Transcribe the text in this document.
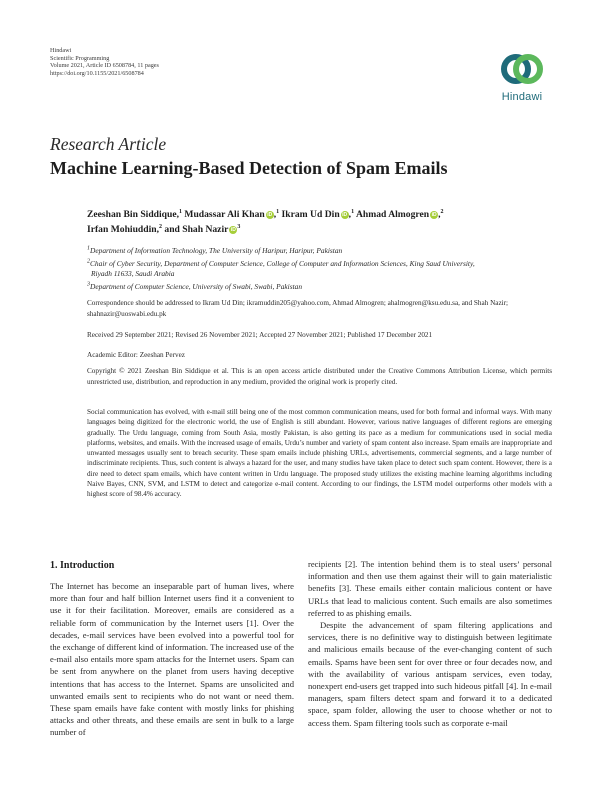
Hindawi
Scientific Programming
Volume 2021, Article ID 6508784, 11 pages
https://doi.org/10.1155/2021/6508784
Hindawi
Research Article
Machine Learning-Based Detection of Spam Emails
Zeeshan Bin Siddique,$^1$ Mudassar Ali Khan iD ,$^1$ Ikram Ud Din iD ,$^1$ Ahmad Almogren iD ,$^2$
Irfan Mohiuddin,$^2$ and Shah Nazir iD $^3$
$^1$Department of Information Technology, The University of Haripur, Haripur, Pakistan
$^2$Chair of Cyber Security, Department of Computer Science, College of Computer and Information Sciences, King Saud University,
Riyadh 11633, Saudi Arabia
$^3$Department of Computer Science, University of Swabi, Swabi, Pakistan
Correspondence should be addressed to Ikram Ud Din; ikramuddin205@yahoo.com, Ahmad Almogren; ahalmogren@ksu.edu.sa, and Shah Nazir; shahnazir@uoswabi.edu.pk
Received 29 September 2021; Revised 26 November 2021; Accepted 27 November 2021; Published 17 December 2021
Academic Editor: Zeeshan Pervez
Copyright © 2021 Zeeshan Bin Siddique et al. This is an open access article distributed under the Creative Commons Attribution License, which permits unrestricted use, distribution, and reproduction in any medium, provided the original work is properly cited.
Social communication has evolved, with e-mail still being one of the most common communication means, used for both formal and informal ways. With many languages being digitized for the electronic world, the use of English is still abundant. However, various native languages of different regions are emerging gradually. The Urdu language, coming from South Asia, mostly Pakistan, is also getting its pace as a medium for communications used in social media platforms, websites, and emails. With the increased usage of emails, Urdu’s number and variety of spam content also increase. Spam emails are inappropriate and unwanted messages usually sent to breach security. These spam emails include phishing URLs, advertisements, commercial segments, and a large number of indiscriminate recipients. Thus, such content is always a hazard for the user, and many studies have taken place to detect such spam content. However, there is a dire need to detect spam emails, which have content written in Urdu language. The proposed study utilizes the existing machine learning algorithms including Naive Bayes, CNN, SVM, and LSTM to detect and categorize e-mail content. According to our findings, the LSTM model outperforms other models with a highest score of 98.4% accuracy.
1. Introduction

The Internet has become an inseparable part of human lives, where more than four and half billion Internet users find it a convenient to use it for their facilitation. Moreover, emails are considered as a reliable form of communication by the Internet users [1]. Over the decades, e-mail services have been evolved into a powerful tool for the exchange of different kind of information. The increased use of the e-mail also entails more spam attacks for the Internet users. Spam can be sent from anywhere on the planet from users having deceptive intentions that has access to the Internet. Spams are unsolicited and unwanted emails sent to recipients who do not want or need them. These spam emails have fake content with mostly links for phishing attacks and other threats, and these emails are sent in bulk to a large number of

recipients [2]. The intention behind them is to steal users’ personal information and then use them against their will to gain materialistic benefits [3]. These emails either contain malicious content or have URLs that lead to malicious content. Such emails are also sometimes referred to as phishing emails.

Despite the advancement of spam filtering applications and services, there is no definitive way to distinguish between legitimate and malicious emails because of the ever-changing content of such emails. Spams have been sent for over three or four decades now, and with the availability of various antispam services, even today, nonexpert end-users get trapped into such hideous pitfall [4]. In e-mail managers, spam filters detect spam and forward it to a dedicated space, spam folder, allowing the user to choose whether or not to access them. Spam filtering tools such as corporate e-mail
